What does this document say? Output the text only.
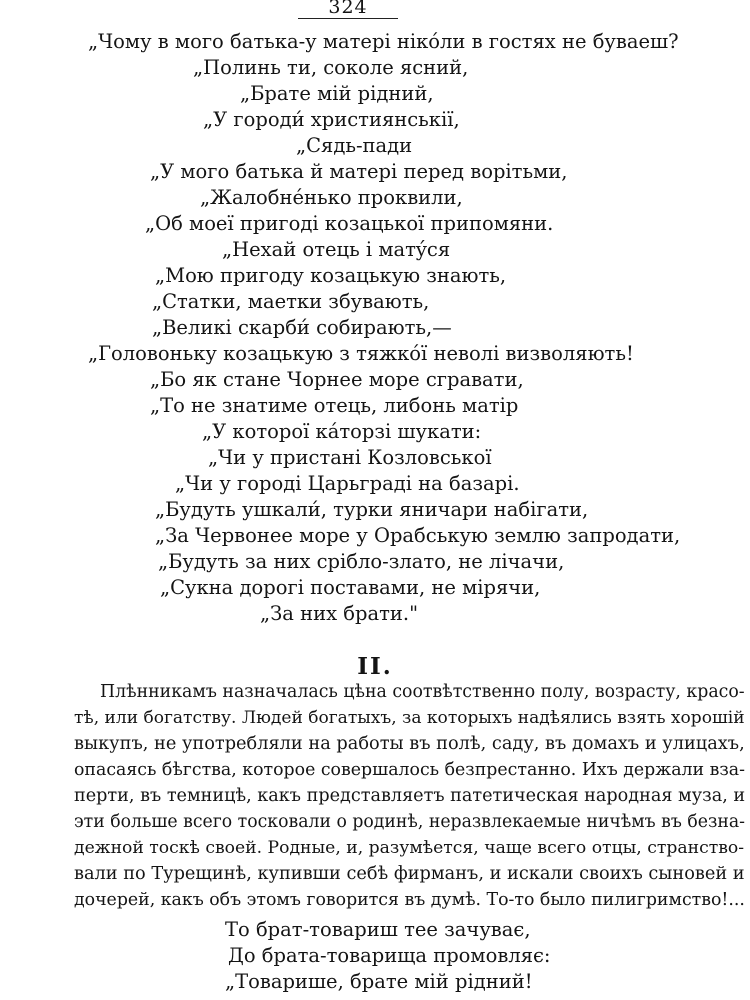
324
„Чому в мого батька-у матері нікóли в гостях не буваеш?
„Полинь ти, соколе ясний,
„Брате мій рідний,
„У городи́ християнськії,
„Сядь-пади
„У мого батька й матері перед ворітьми,
„Жалобнéнько проквили,
„Об моеї пригоді козацької припомяни.
„Нехай отець і матýся
„Мою пригоду козацькую знають,
„Статки, маетки збувають,
„Великі скарби́ собирають,—
„Головоньку козацькую з тяжкóї неволі визволяють!
„Бо як стане Чорнее море сгравати,
„То не знатиме отець, либонь матір
„У которої кáторзі шукати:
„Чи у пристані Козловської
„Чи у городі Царьграді на базарі.
„Будуть ушкали́, турки яничари набігати,
„За Червонее море у Орабськую землю запродати,
„Будуть за них срібло-злато, не лічачи,
„Сукна дорогі поставами, не мірячи,
„За них брати."
II.
Плѣнникамъ назначалась цѣна соотвѣтственно полу, возрасту, красо-
тѣ, или богатству. Людей богатыхъ, за которыхъ надѣялись взять хорошій
выкупъ, не употребляли на работы въ полѣ, саду, въ домахъ и улицахъ,
опасаясь бѣгства, которое совершалось безпрестанно. Ихъ держали вза-
перти, въ темницѣ, какъ представляетъ патетическая народная муза, и
эти больше всего тосковали о родинѣ, неразвлекаемые ничѣмъ въ безна-
дежной тоскѣ своей. Родные, и, разумѣется, чаще всего отцы, странство-
вали по Турещинѣ, купивши себѣ фирманъ, и искали своихъ сыновей и
дочерей, какъ объ этомъ говорится въ думѣ. То-то было пилигримство!...
То брат-товариш тее зачуває,
До брата-товарища промовляє:
„Товарише, брате мій рідний!
